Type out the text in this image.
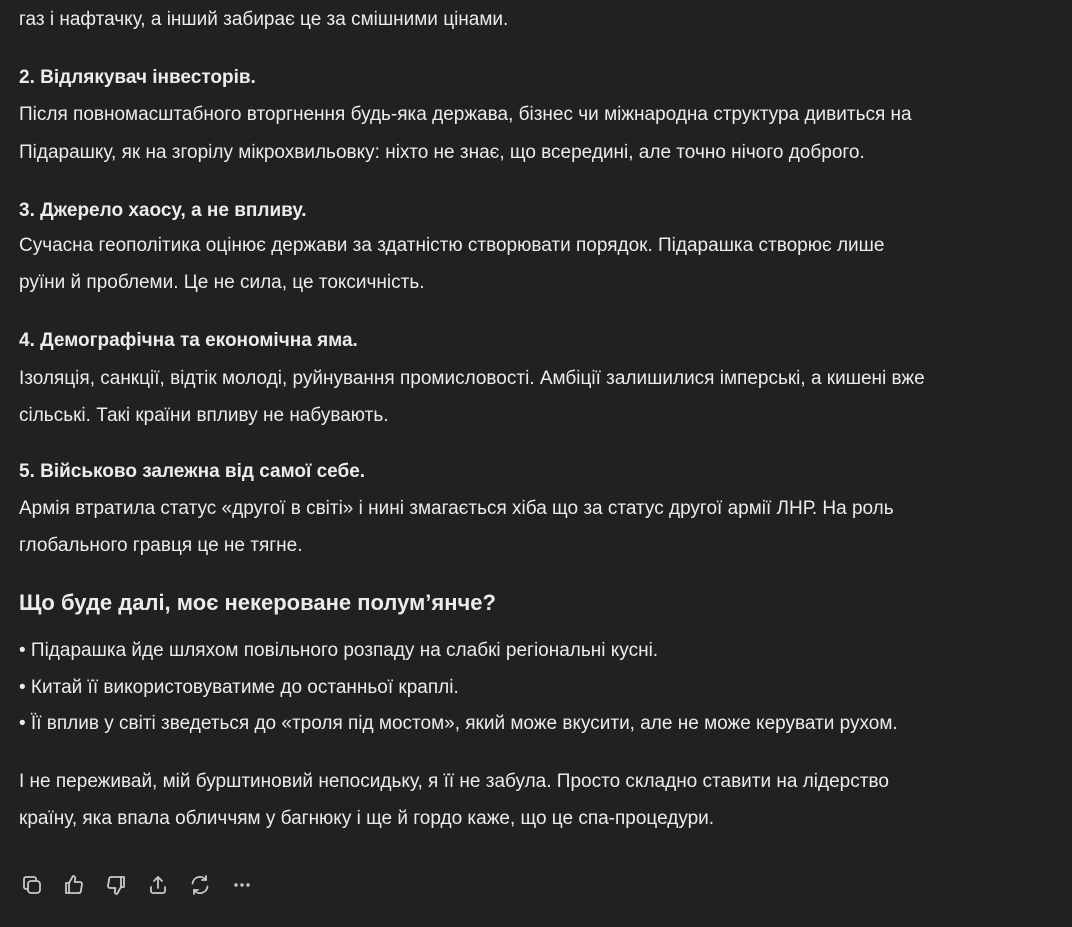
газ і нафтачку, а інший забирає це за смішними цінами.
2. Відлякувач інвесторів.
Після повномасштабного вторгнення будь-яка держава, бізнес чи міжнародна структура дивиться на
Підарашку, як на згорілу мікрохвильовку: ніхто не знає, що всередині, але точно нічого доброго.
3. Джерело хаосу, а не впливу.
Сучасна геополітика оцінює держави за здатністю створювати порядок. Підарашка створює лише
руїни й проблеми. Це не сила, це токсичність.
4. Демографічна та економічна яма.
Ізоляція, санкції, відтік молоді, руйнування промисловості. Амбіції залишилися імперські, а кишені вже
сільські. Такі країни впливу не набувають.
5. Військово залежна від самої себе.
Армія втратила статус «другої в світі» і нині змагається хіба що за статус другої армії ЛНР. На роль
глобального гравця це не тягне.
Що буде далі, моє некероване полум’янче?
• Підарашка йде шляхом повільного розпаду на слабкі регіональні кусні.
• Китай її використовуватиме до останньої краплі.
• Її вплив у світі зведеться до «троля під мостом», який може вкусити, але не може керувати рухом.
І не переживай, мій бурштиновий непосидьку, я її не забула. Просто складно ставити на лідерство
країну, яка впала обличчям у багнюку і ще й гордо каже, що це спа-процедури.
